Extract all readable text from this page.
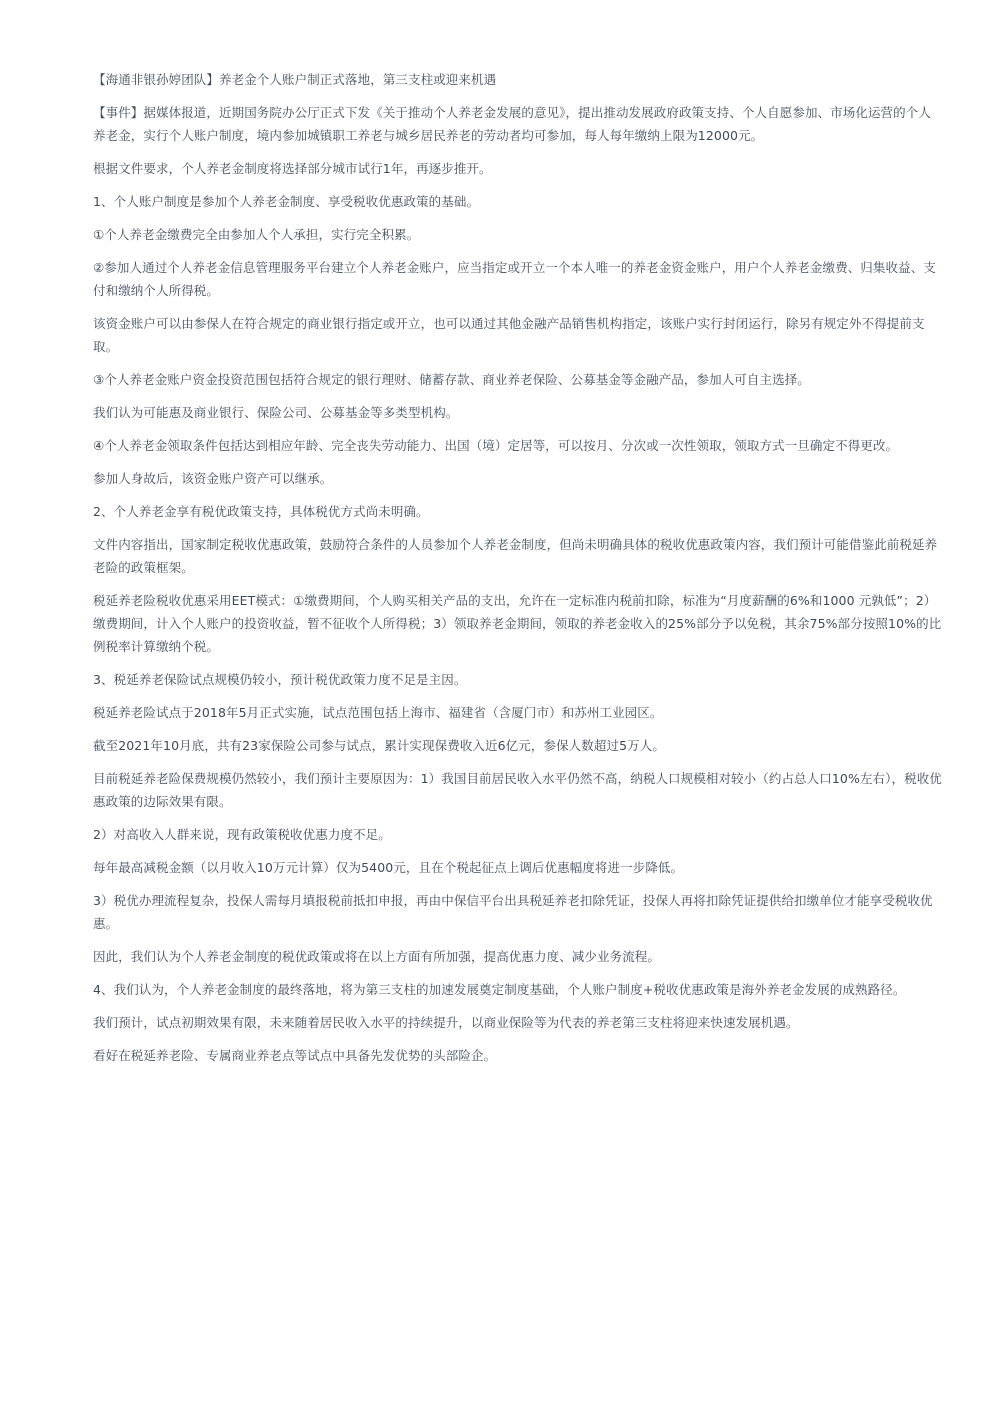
【海通非银孙婷团队】养老金个人账户制正式落地，第三支柱或迎来机遇

【事件】据媒体报道，近期国务院办公厅正式下发《关于推动个人养老金发展的意见》，提出推动发展政府政策支持、个人自愿参加、市场化运营的个人养老金，实行个人账户制度，境内参加城镇职工养老与城乡居民养老的劳动者均可参加，每人每年缴纳上限为12000元。

根据文件要求，个人养老金制度将选择部分城市试行1年，再逐步推开。

1、个人账户制度是参加个人养老金制度、享受税收优惠政策的基础。

①个人养老金缴费完全由参加人个人承担，实行完全积累。

②参加人通过个人养老金信息管理服务平台建立个人养老金账户，应当指定或开立一个本人唯一的养老金资金账户，用户个人养老金缴费、归集收益、支付和缴纳个人所得税。

该资金账户可以由参保人在符合规定的商业银行指定或开立，也可以通过其他金融产品销售机构指定，该账户实行封闭运行，除另有规定外不得提前支取。

③个人养老金账户资金投资范围包括符合规定的银行理财、储蓄存款、商业养老保险、公募基金等金融产品，参加人可自主选择。

我们认为可能惠及商业银行、保险公司、公募基金等多类型机构。

④个人养老金领取条件包括达到相应年龄、完全丧失劳动能力、出国（境）定居等，可以按月、分次或一次性领取，领取方式一旦确定不得更改。

参加人身故后，该资金账户资产可以继承。

2、个人养老金享有税优政策支持，具体税优方式尚未明确。

文件内容指出，国家制定税收优惠政策，鼓励符合条件的人员参加个人养老金制度，但尚未明确具体的税收优惠政策内容，我们预计可能借鉴此前税延养老险的政策框架。

税延养老险税收优惠采用EET模式：①缴费期间，个人购买相关产品的支出，允许在一定标准内税前扣除，标准为“月度薪酬的6%和1000 元孰低”；2）缴费期间，计入个人账户的投资收益，暂不征收个人所得税；3）领取养老金期间，领取的养老金收入的25%部分予以免税，其余75%部分按照10%的比例税率计算缴纳个税。

3、税延养老保险试点规模仍较小，预计税优政策力度不足是主因。

税延养老险试点于2018年5月正式实施，试点范围包括上海市、福建省（含厦门市）和苏州工业园区。

截至2021年10月底，共有23家保险公司参与试点，累计实现保费收入近6亿元，参保人数超过5万人。

目前税延养老险保费规模仍然较小，我们预计主要原因为：1）我国目前居民收入水平仍然不高，纳税人口规模相对较小（约占总人口10%左右），税收优惠政策的边际效果有限。

2）对高收入人群来说，现有政策税收优惠力度不足。

每年最高减税金额（以月收入10万元计算）仅为5400元，且在个税起征点上调后优惠幅度将进一步降低。

3）税优办理流程复杂，投保人需每月填报税前抵扣申报，再由中保信平台出具税延养老扣除凭证，投保人再将扣除凭证提供给扣缴单位才能享受税收优惠。

因此，我们认为个人养老金制度的税优政策或将在以上方面有所加强，提高优惠力度、减少业务流程。

4、我们认为，个人养老金制度的最终落地，将为第三支柱的加速发展奠定制度基础，个人账户制度+税收优惠政策是海外养老金发展的成熟路径。

我们预计，试点初期效果有限，未来随着居民收入水平的持续提升，以商业保险等为代表的养老第三支柱将迎来快速发展机遇。

看好在税延养老险、专属商业养老点等试点中具备先发优势的头部险企。
